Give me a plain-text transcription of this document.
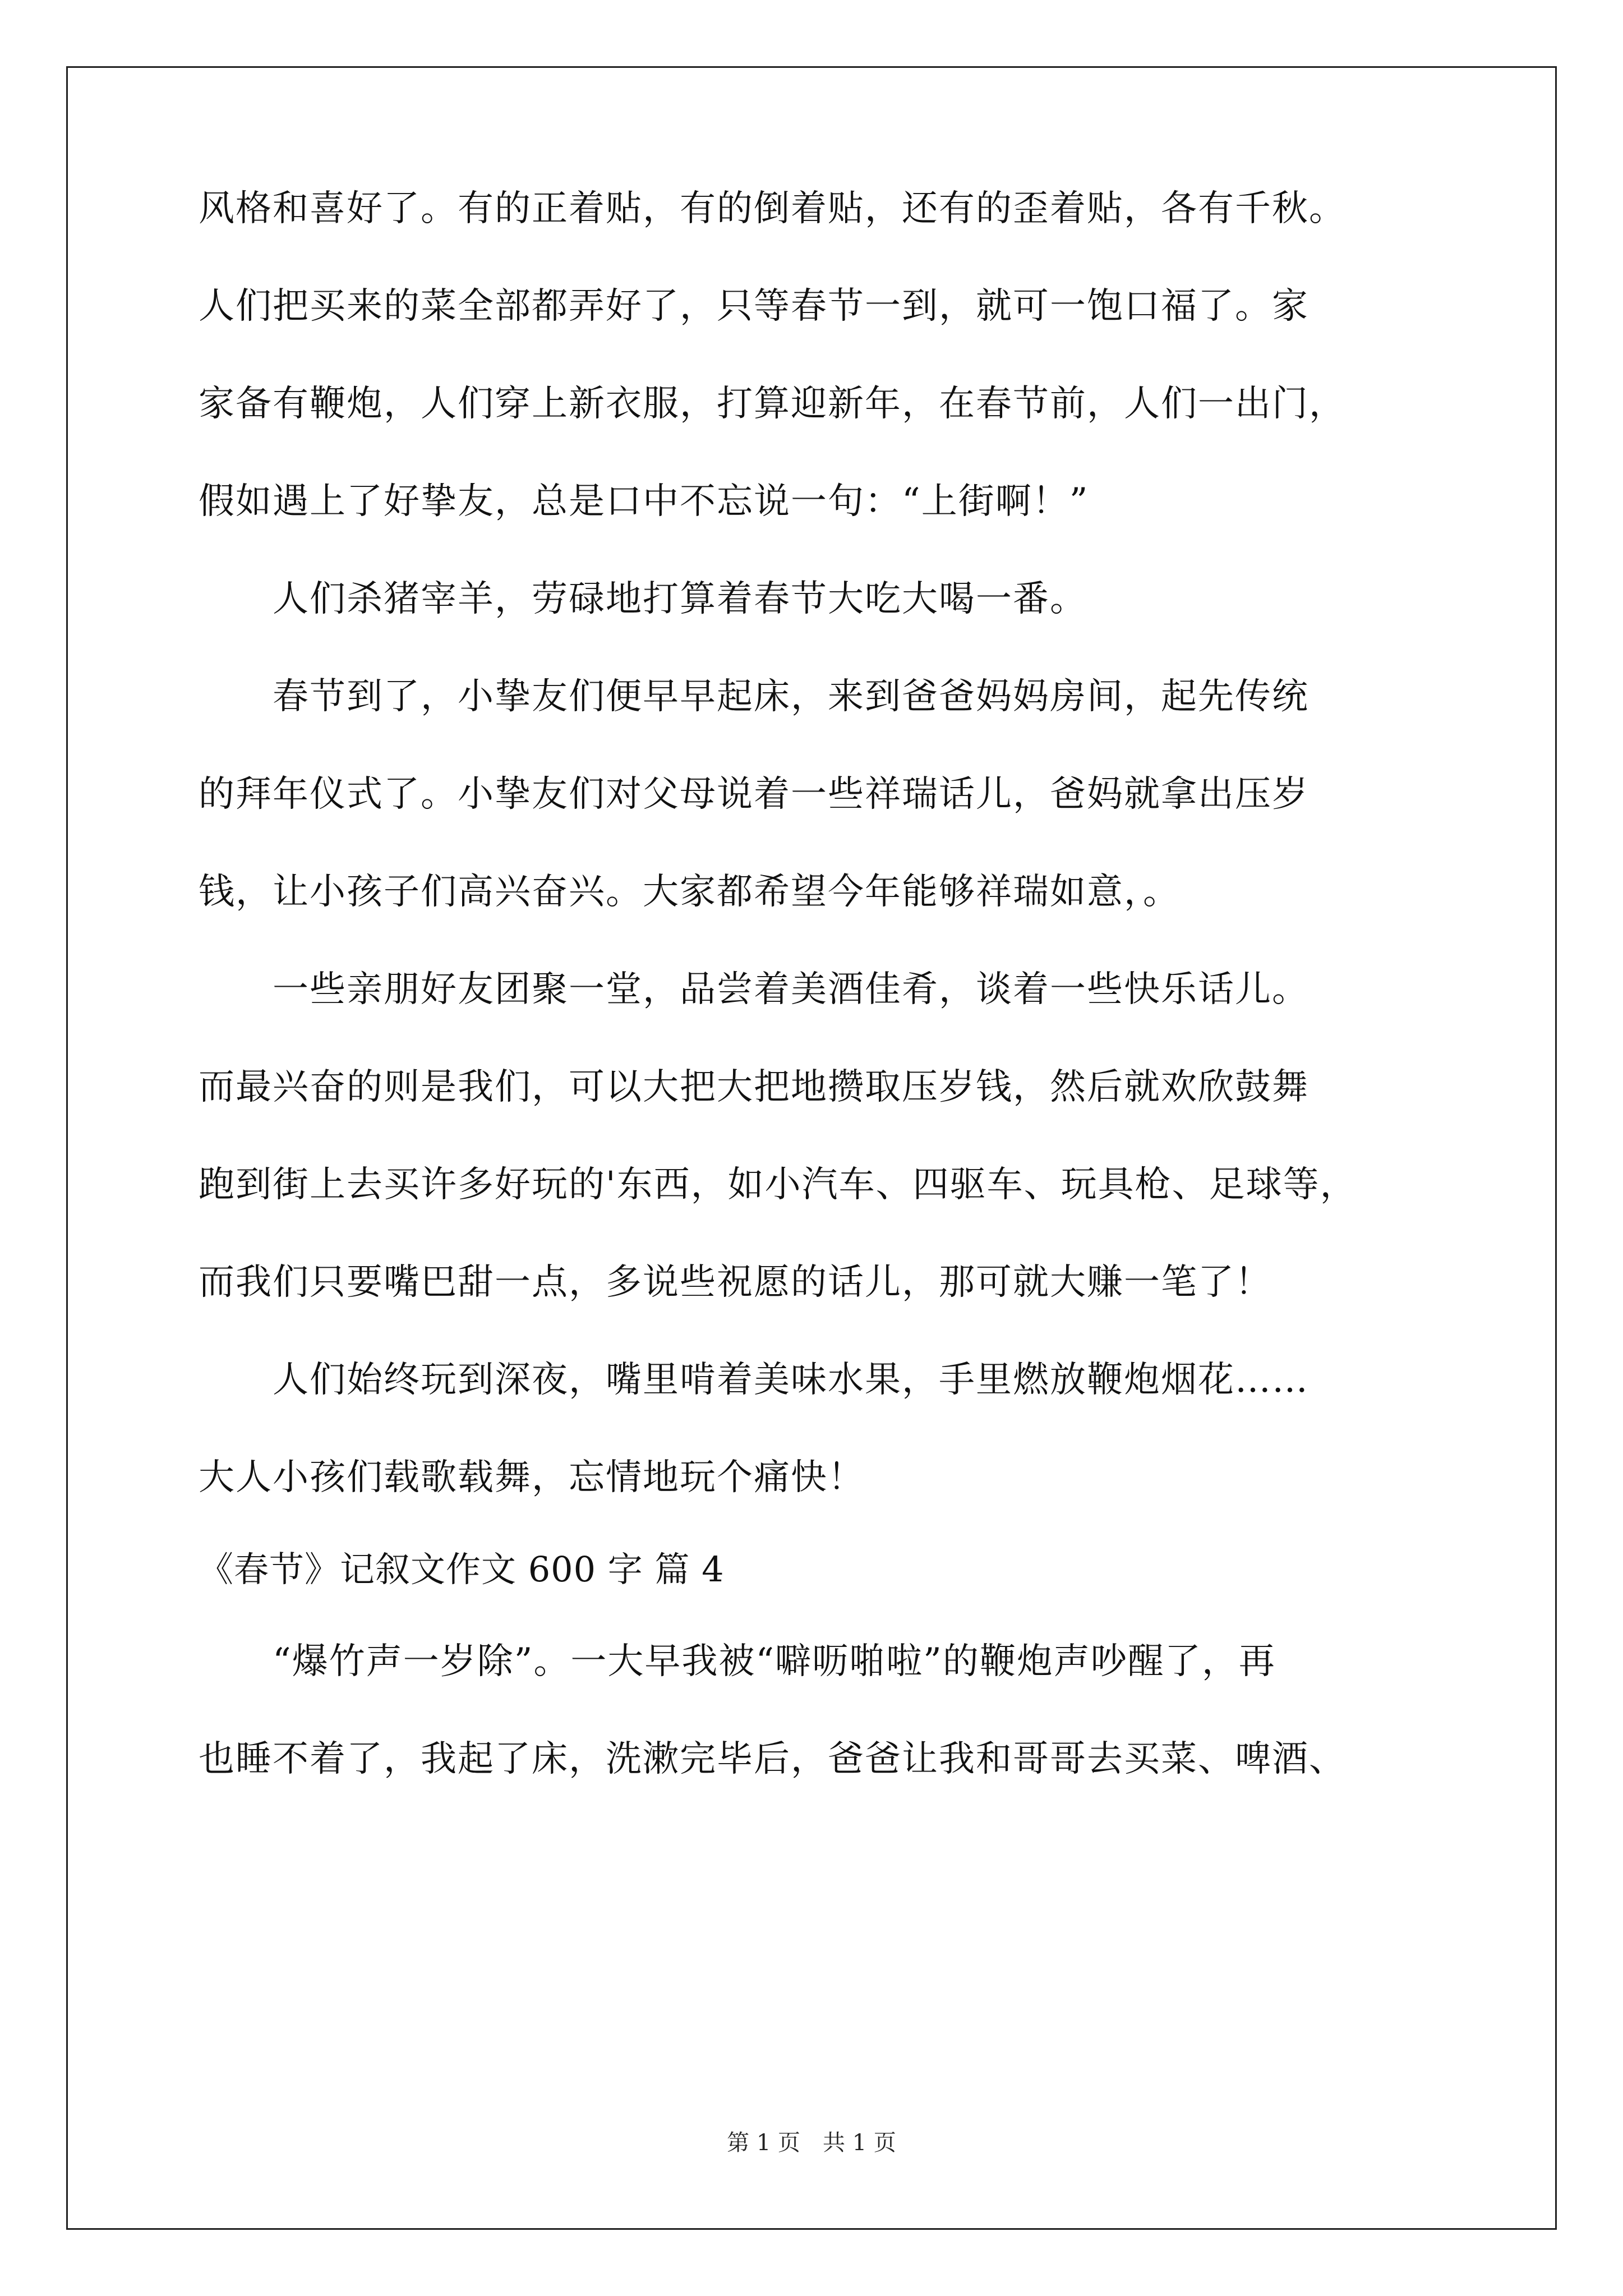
风格和喜好了。有的正着贴，有的倒着贴，还有的歪着贴，各有千秋。
人们把买来的菜全部都弄好了，只等春节一到，就可一饱口福了。家
家备有鞭炮，人们穿上新衣服，打算迎新年，在春节前，人们一出门，
假如遇上了好挚友，总是口中不忘说一句：“上街啊！”
　　人们杀猪宰羊，劳碌地打算着春节大吃大喝一番。
　　春节到了，小挚友们便早早起床，来到爸爸妈妈房间，起先传统
的拜年仪式了。小挚友们对父母说着一些祥瑞话儿，爸妈就拿出压岁
钱，让小孩子们高兴奋兴。大家都希望今年能够祥瑞如意，。
　　一些亲朋好友团聚一堂，品尝着美酒佳肴，谈着一些快乐话儿。
而最兴奋的则是我们，可以大把大把地攒取压岁钱，然后就欢欣鼓舞
跑到街上去买许多好玩的'东西，如小汽车、四驱车、玩具枪、足球等，
而我们只要嘴巴甜一点，多说些祝愿的话儿，那可就大赚一笔了！
　　人们始终玩到深夜，嘴里啃着美味水果，手里燃放鞭炮烟花……
大人小孩们载歌载舞，忘情地玩个痛快！
《春节》记叙文作文 600 字 篇 4
　　“爆竹声一岁除”。一大早我被“噼呖啪啦”的鞭炮声吵醒了，再
也睡不着了，我起了床，洗漱完毕后，爸爸让我和哥哥去买菜、啤酒、
第 1 页　共 1 页
